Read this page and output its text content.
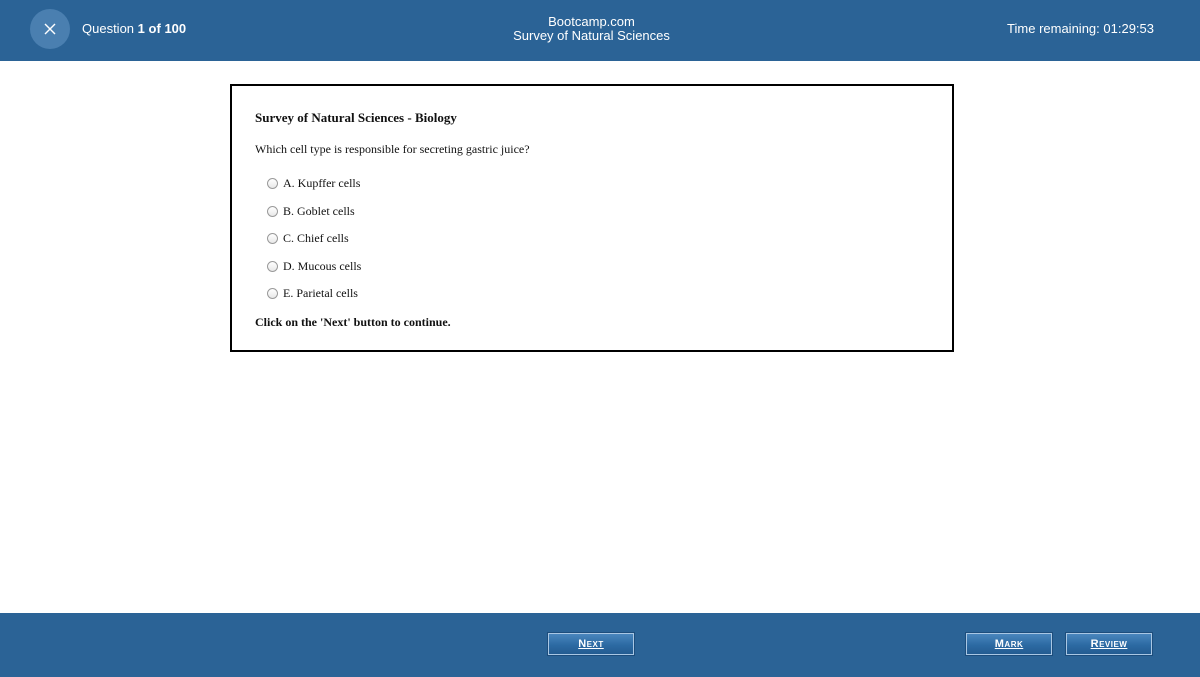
Question 1 of 100	Bootcamp.com
Survey of Natural Sciences	Time remaining: 01:29:53
Survey of Natural Sciences - Biology
Which cell type is responsible for secreting gastric juice?
A. Kupffer cells
B. Goblet cells
C. Chief cells
D. Mucous cells
E. Parietal cells
Click on the 'Next' button to continue.
Next	Mark	Review
